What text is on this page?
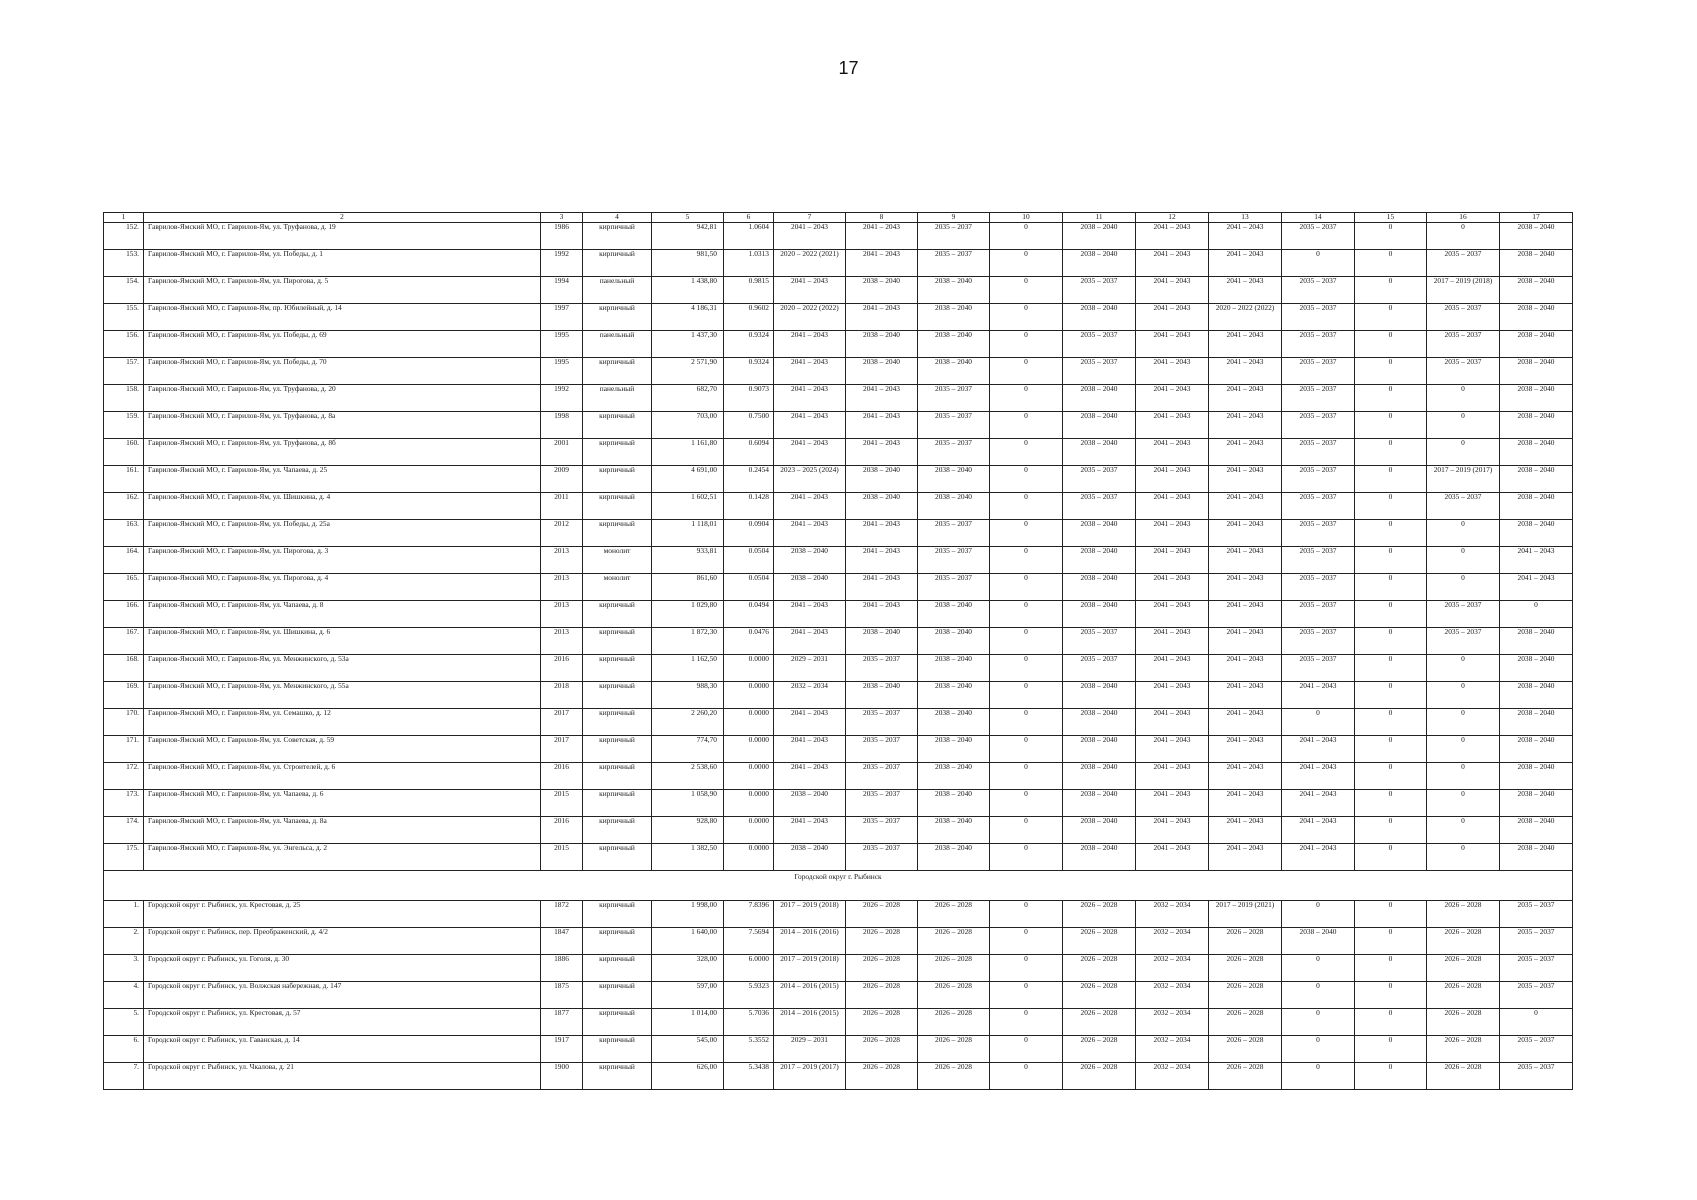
17
1	2	3	4	5	6	7	8	9	10	11	12	13	14	15	16	17
152.	Гаврилов-Ямский МО, г. Гаврилов-Ям, ул. Труфанова, д. 19	1986	кирпичный	942,81	1.0604	2041 – 2043	2041 – 2043	2035 – 2037	0	2038 – 2040	2041 – 2043	2041 – 2043	2035 – 2037	0	0	2038 – 2040
153.	Гаврилов-Ямский МО, г. Гаврилов-Ям, ул. Победы, д. 1	1992	кирпичный	981,50	1.0313	2020 – 2022 (2021)	2041 – 2043	2035 – 2037	0	2038 – 2040	2041 – 2043	2041 – 2043	0	0	2035 – 2037	2038 – 2040
154.	Гаврилов-Ямский МО, г. Гаврилов-Ям, ул. Пирогова, д. 5	1994	панельный	1 438,80	0.9815	2041 – 2043	2038 – 2040	2038 – 2040	0	2035 – 2037	2041 – 2043	2041 – 2043	2035 – 2037	0	2017 – 2019 (2018)	2038 – 2040
155.	Гаврилов-Ямский МО, г. Гаврилов-Ям, пр. Юбилейный, д. 14	1997	кирпичный	4 186,31	0.9602	2020 – 2022 (2022)	2041 – 2043	2038 – 2040	0	2038 – 2040	2041 – 2043	2020 – 2022 (2022)	2035 – 2037	0	2035 – 2037	2038 – 2040
156.	Гаврилов-Ямский МО, г. Гаврилов-Ям, ул. Победы, д. 69	1995	панельный	1 437,30	0.9324	2041 – 2043	2038 – 2040	2038 – 2040	0	2035 – 2037	2041 – 2043	2041 – 2043	2035 – 2037	0	2035 – 2037	2038 – 2040
157.	Гаврилов-Ямский МО, г. Гаврилов-Ям, ул. Победы, д. 70	1995	кирпичный	2 571,90	0.9324	2041 – 2043	2038 – 2040	2038 – 2040	0	2035 – 2037	2041 – 2043	2041 – 2043	2035 – 2037	0	2035 – 2037	2038 – 2040
158.	Гаврилов-Ямский МО, г. Гаврилов-Ям, ул. Труфанова, д. 20	1992	панельный	682,70	0.9073	2041 – 2043	2041 – 2043	2035 – 2037	0	2038 – 2040	2041 – 2043	2041 – 2043	2035 – 2037	0	0	2038 – 2040
159.	Гаврилов-Ямский МО, г. Гаврилов-Ям, ул. Труфанова, д. 8а	1998	кирпичный	703,00	0.7500	2041 – 2043	2041 – 2043	2035 – 2037	0	2038 – 2040	2041 – 2043	2041 – 2043	2035 – 2037	0	0	2038 – 2040
160.	Гаврилов-Ямский МО, г. Гаврилов-Ям, ул. Труфанова, д. 8б	2001	кирпичный	1 161,80	0.6094	2041 – 2043	2041 – 2043	2035 – 2037	0	2038 – 2040	2041 – 2043	2041 – 2043	2035 – 2037	0	0	2038 – 2040
161.	Гаврилов-Ямский МО, г. Гаврилов-Ям, ул. Чапаева, д. 25	2009	кирпичный	4 691,00	0.2454	2023 – 2025 (2024)	2038 – 2040	2038 – 2040	0	2035 – 2037	2041 – 2043	2041 – 2043	2035 – 2037	0	2017 – 2019 (2017)	2038 – 2040
162.	Гаврилов-Ямский МО, г. Гаврилов-Ям, ул. Шишкина, д. 4	2011	кирпичный	1 602,51	0.1428	2041 – 2043	2038 – 2040	2038 – 2040	0	2035 – 2037	2041 – 2043	2041 – 2043	2035 – 2037	0	2035 – 2037	2038 – 2040
163.	Гаврилов-Ямский МО, г. Гаврилов-Ям, ул. Победы, д. 25а	2012	кирпичный	1 118,01	0.0904	2041 – 2043	2041 – 2043	2035 – 2037	0	2038 – 2040	2041 – 2043	2041 – 2043	2035 – 2037	0	0	2038 – 2040
164.	Гаврилов-Ямский МО, г. Гаврилов-Ям, ул. Пирогова, д. 3	2013	монолит	933,81	0.0504	2038 – 2040	2041 – 2043	2035 – 2037	0	2038 – 2040	2041 – 2043	2041 – 2043	2035 – 2037	0	0	2041 – 2043
165.	Гаврилов-Ямский МО, г. Гаврилов-Ям, ул. Пирогова, д. 4	2013	монолит	861,60	0.0504	2038 – 2040	2041 – 2043	2035 – 2037	0	2038 – 2040	2041 – 2043	2041 – 2043	2035 – 2037	0	0	2041 – 2043
166.	Гаврилов-Ямский МО, г. Гаврилов-Ям, ул. Чапаева, д. 8	2013	кирпичный	1 029,80	0.0494	2041 – 2043	2041 – 2043	2038 – 2040	0	2038 – 2040	2041 – 2043	2041 – 2043	2035 – 2037	0	2035 – 2037	0
167.	Гаврилов-Ямский МО, г. Гаврилов-Ям, ул. Шишкина, д. 6	2013	кирпичный	1 872,30	0.0476	2041 – 2043	2038 – 2040	2038 – 2040	0	2035 – 2037	2041 – 2043	2041 – 2043	2035 – 2037	0	2035 – 2037	2038 – 2040
168.	Гаврилов-Ямский МО, г. Гаврилов-Ям, ул. Менжинского, д. 53а	2016	кирпичный	1 162,50	0.0000	2029 – 2031	2035 – 2037	2038 – 2040	0	2035 – 2037	2041 – 2043	2041 – 2043	2035 – 2037	0	0	2038 – 2040
169.	Гаврилов-Ямский МО, г. Гаврилов-Ям, ул. Менжинского, д. 55а	2018	кирпичный	988,30	0.0000	2032 – 2034	2038 – 2040	2038 – 2040	0	2038 – 2040	2041 – 2043	2041 – 2043	2041 – 2043	0	0	2038 – 2040
170.	Гаврилов-Ямский МО, г. Гаврилов-Ям, ул. Семашко, д. 12	2017	кирпичный	2 260,20	0.0000	2041 – 2043	2035 – 2037	2038 – 2040	0	2038 – 2040	2041 – 2043	2041 – 2043	0	0	0	2038 – 2040
171.	Гаврилов-Ямский МО, г. Гаврилов-Ям, ул. Советская, д. 59	2017	кирпичный	774,70	0.0000	2041 – 2043	2035 – 2037	2038 – 2040	0	2038 – 2040	2041 – 2043	2041 – 2043	2041 – 2043	0	0	2038 – 2040
172.	Гаврилов-Ямский МО, г. Гаврилов-Ям, ул. Строителей, д. 6	2016	кирпичный	2 538,60	0.0000	2041 – 2043	2035 – 2037	2038 – 2040	0	2038 – 2040	2041 – 2043	2041 – 2043	2041 – 2043	0	0	2038 – 2040
173.	Гаврилов-Ямский МО, г. Гаврилов-Ям, ул. Чапаева, д. 6	2015	кирпичный	1 058,90	0.0000	2038 – 2040	2035 – 2037	2038 – 2040	0	2038 – 2040	2041 – 2043	2041 – 2043	2041 – 2043	0	0	2038 – 2040
174.	Гаврилов-Ямский МО, г. Гаврилов-Ям, ул. Чапаева, д. 8а	2016	кирпичный	928,80	0.0000	2041 – 2043	2035 – 2037	2038 – 2040	0	2038 – 2040	2041 – 2043	2041 – 2043	2041 – 2043	0	0	2038 – 2040
175.	Гаврилов-Ямский МО, г. Гаврилов-Ям, ул. Энгельса, д. 2	2015	кирпичный	1 382,50	0.0000	2038 – 2040	2035 – 2037	2038 – 2040	0	2038 – 2040	2041 – 2043	2041 – 2043	2041 – 2043	0	0	2038 – 2040
Городской округ г. Рыбинск																
1.	Городской округ г. Рыбинск, ул. Крестовая, д. 25	1872	кирпичный	1 998,00	7.8396	2017 – 2019 (2018)	2026 – 2028	2026 – 2028	0	2026 – 2028	2032 – 2034	2017 – 2019 (2021)	0	0	2026 – 2028	2035 – 2037
2.	Городской округ г. Рыбинск, пер. Преображенский, д. 4/2	1847	кирпичный	1 640,00	7.5694	2014 – 2016 (2016)	2026 – 2028	2026 – 2028	0	2026 – 2028	2032 – 2034	2026 – 2028	2038 – 2040	0	2026 – 2028	2035 – 2037
3.	Городской округ г. Рыбинск, ул. Гоголя, д. 30	1886	кирпичный	328,00	6.0000	2017 – 2019 (2018)	2026 – 2028	2026 – 2028	0	2026 – 2028	2032 – 2034	2026 – 2028	0	0	2026 – 2028	2035 – 2037
4.	Городской округ г. Рыбинск, ул. Волжская набережная, д. 147	1875	кирпичный	597,00	5.9323	2014 – 2016 (2015)	2026 – 2028	2026 – 2028	0	2026 – 2028	2032 – 2034	2026 – 2028	0	0	2026 – 2028	2035 – 2037
5.	Городской округ г. Рыбинск, ул. Крестовая, д. 57	1877	кирпичный	1 014,00	5.7036	2014 – 2016 (2015)	2026 – 2028	2026 – 2028	0	2026 – 2028	2032 – 2034	2026 – 2028	0	0	2026 – 2028	0
6.	Городской округ г. Рыбинск, ул. Гаванская, д. 14	1917	кирпичный	545,00	5.3552	2029 – 2031	2026 – 2028	2026 – 2028	0	2026 – 2028	2032 – 2034	2026 – 2028	0	0	2026 – 2028	2035 – 2037
7.	Городской округ г. Рыбинск, ул. Чкалова, д. 21	1900	кирпичный	626,00	5.3438	2017 – 2019 (2017)	2026 – 2028	2026 – 2028	0	2026 – 2028	2032 – 2034	2026 – 2028	0	0	2026 – 2028	2035 – 2037
